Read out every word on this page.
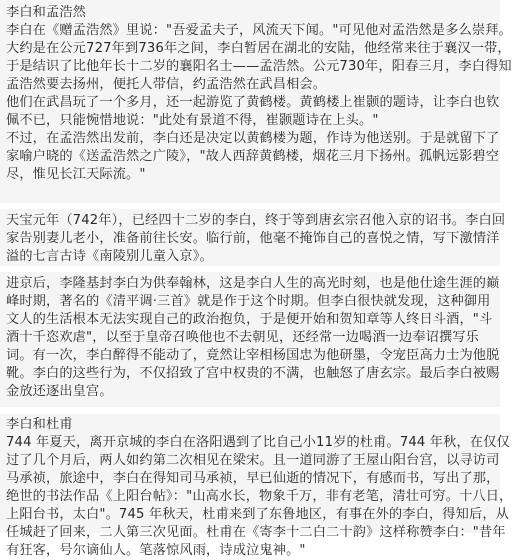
李白和孟浩然
李白在《赠孟浩然》里说："吾爱孟夫子，风流天下闻。"可见他对孟浩然是多么崇拜。
大约是在公元727年到736年之间，李白暂居在湖北的安陆，他经常来往于襄汉一带，
于是结识了比他年长十二岁的襄阳名士——孟浩然。公元730年，阳春三月，李白得知
孟浩然要去扬州，便托人带信，约孟浩然在武昌相会。
他们在武昌玩了一个多月，还一起游览了黄鹤楼。黄鹤楼上崔颢的题诗，让李白也钦
佩不已，只能惋惜地说："此处有景道不得，崔颢题诗在上头。"
不过，在孟浩然出发前，李白还是决定以黄鹤楼为题，作诗为他送别。于是就留下了
家喻户晓的《送孟浩然之广陵》，"故人西辞黄鹤楼，烟花三月下扬州。孤帆远影碧空
尽，惟见长江天际流。"
天宝元年（742年），已经四十二岁的李白，终于等到唐玄宗召他入京的诏书。李白回
家告别妻儿老小，准备前往长安。临行前，他毫不掩饰自己的喜悦之情，写下激情洋
溢的七言古诗《南陵别儿童入京》。
进京后，李隆基封李白为供奉翰林，这是李白人生的高光时刻，也是他仕途生涯的巅
峰时期，著名的《清平调·三首》就是作于这个时期。但李白很快就发现，这种御用
文人的生活根本无法实现自己的政治抱负，于是便开始和贺知章等人终日斗酒，"斗
酒十千恣欢虐"，以至于皇帝召唤他也不去朝见，还经常一边喝酒一边奉诏撰写乐
词。有一次，李白醉得不能动了，竟然让宰相杨国忠为他研墨，令宠臣高力士为他脱
靴。李白的这些行为，不仅招致了宫中权贵的不满，也触怒了唐玄宗。最后李白被赐
金放还逐出皇宫。
李白和杜甫
744 年夏天，离开京城的李白在洛阳遇到了比自己小11岁的杜甫。744 年秋，在仅仅
过了几个月后，两人如约第二次相见在梁宋。且一道同游了王屋山阳台宫，以寻访司
马承祯，旅途中，李白在得知司马承祯，早已仙逝的情况下，有感而书，写出了那，
绝世的书法作品《上阳台帖》："山高水长，物象千万，非有老笔，清壮可穷。十八日，
上阳台书，太白"。745 年秋天，杜甫来到了东鲁地区，有事在外的李白，得知后，从
任城赶了回来，二人第三次见面。杜甫在《寄李十二白二十韵》这样称赞李白："昔年
有狂客，号尔谪仙人。笔落惊风雨，诗成泣鬼神。"
